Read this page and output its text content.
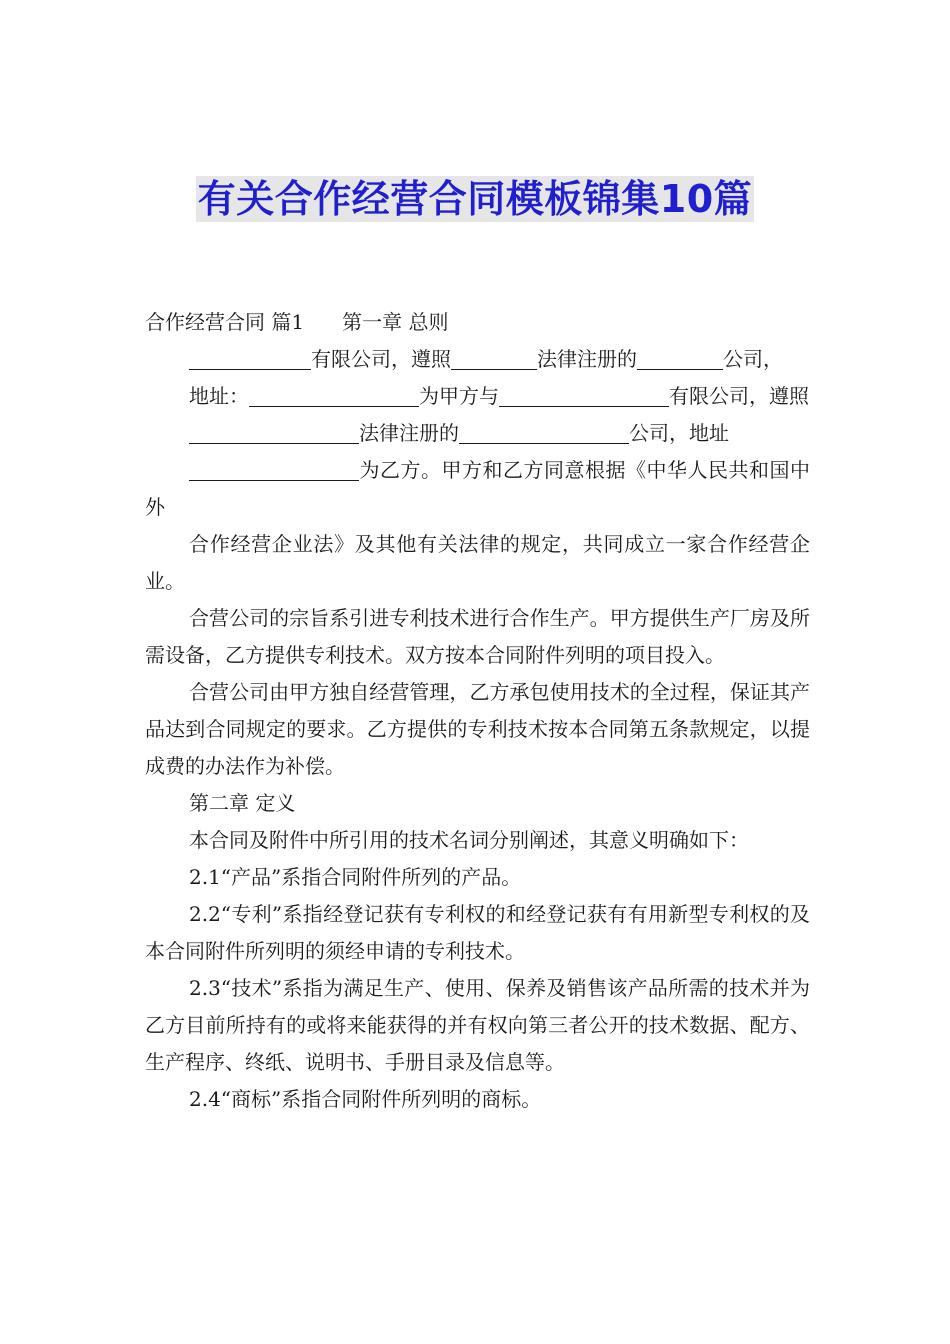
有关合作经营合同模板锦集10篇

合作经营合同 篇1 第一章 总则

有限公司，遵照	法律注册的	公司，

地址：	为甲方与	有限公司，遵照

法律注册的	公司，地址

为乙方。甲方和乙方同意根据《中华人民共和国中外

合作经营企业法》及其他有关法律的规定，共同成立一家合作经营企业。

合营公司的宗旨系引进专利技术进行合作生产。甲方提供生产厂房及所需设备，乙方提供专利技术。双方按本合同附件列明的项目投入。

合营公司由甲方独自经营管理，乙方承包使用技术的全过程，保证其产品达到合同规定的要求。乙方提供的专利技术按本合同第五条款规定，以提成费的办法作为补偿。

第二章 定义

本合同及附件中所引用的技术名词分别阐述，其意义明确如下：

2.1“产品”系指合同附件所列的产品。

2.2“专利”系指经登记获有专利权的和经登记获有有用新型专利权的及本合同附件所列明的须经申请的专利技术。

2.3“技术”系指为满足生产、使用、保养及销售该产品所需的技术并为乙方目前所持有的或将来能获得的并有权向第三者公开的技术数据、配方、生产程序、终纸、说明书、手册目录及信息等。

2.4“商标”系指合同附件所列明的商标。
